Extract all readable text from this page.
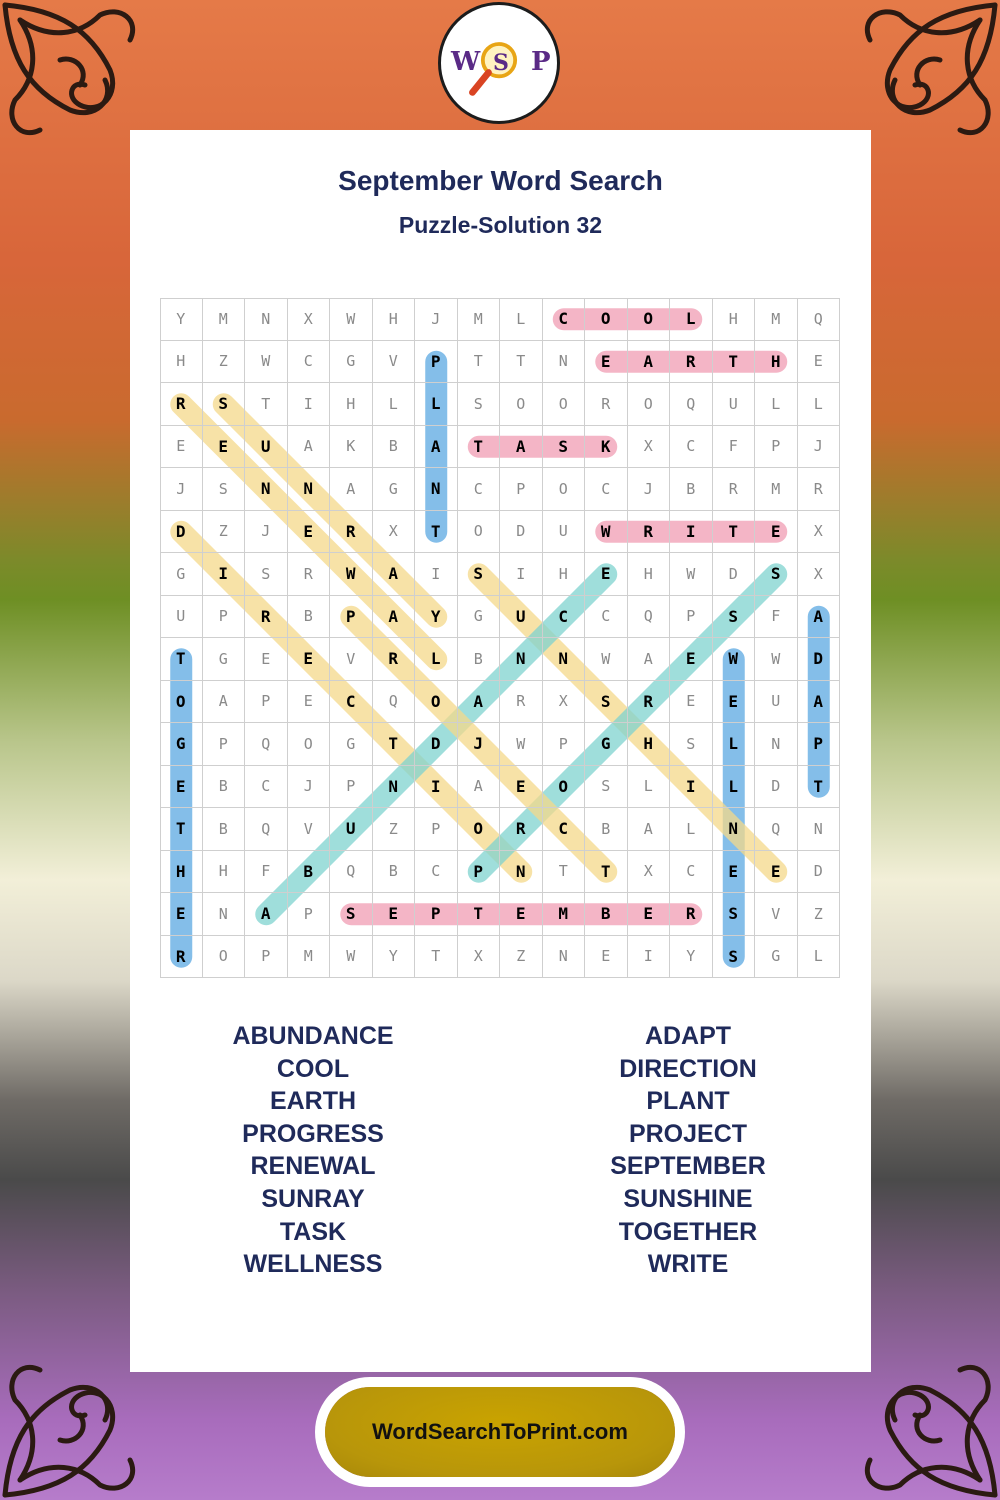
September Word Search
Puzzle-Solution 32
W S P
Y	M	N	X	W	H	J	M	L	C	O	O	L	H	M	Q
H	Z	W	C	G	V	P	T	T	N	E	A	R	T	H	E
R	S	T	I	H	L	L	S	O	O	R	O	Q	U	L	L
E	E	U	A	K	B	A	T	A	S	K	X	C	F	P	J
J	S	N	N	A	G	N	C	P	O	C	J	B	R	M	R
D	Z	J	E	R	X	T	O	D	U	W	R	I	T	E	X
G	I	S	R	W	A	I	S	I	H	E	H	W	D	S	X
U	P	R	B	P	A	Y	G	U	C	C	Q	P	S	F	A
T	G	E	E	V	R	L	B	N	N	W	A	E	W	W	D
O	A	P	E	C	Q	O	A	R	X	S	R	E	E	U	A
G	P	Q	O	G	T	D	J	W	P	G	H	S	L	N	P
E	B	C	J	P	N	I	A	E	O	S	L	I	L	D	T
T	B	Q	V	U	Z	P	O	R	C	B	A	L	N	Q	N
H	H	F	B	Q	B	C	P	N	T	T	X	C	E	E	D
E	N	A	P	S	E	P	T	E	M	B	E	R	S	V	Z
R	O	P	M	W	Y	T	X	Z	N	E	I	Y	S	G	L
ABUNDANCE
COOL
EARTH
PROGRESS
RENEWAL
SUNRAY
TASK
WELLNESS
ADAPT
DIRECTION
PLANT
PROJECT
SEPTEMBER
SUNSHINE
TOGETHER
WRITE
WordSearchToPrint.com
